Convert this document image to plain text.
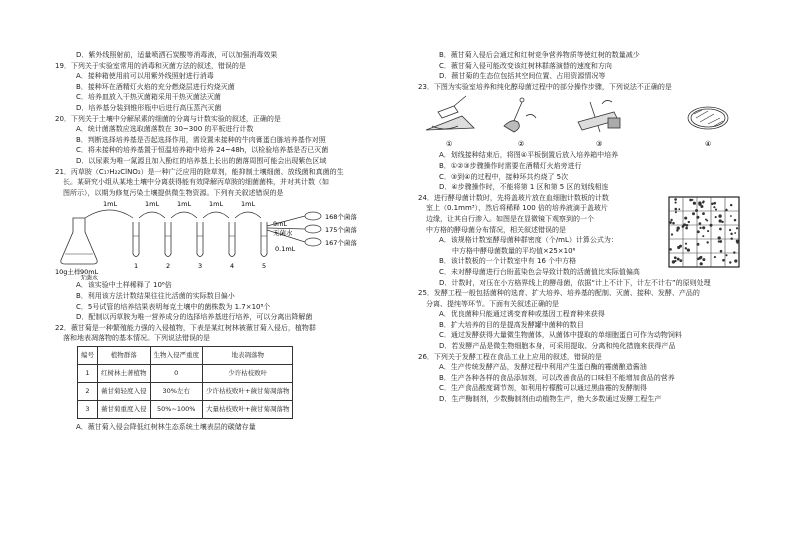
D．紫外线照射前，适量喷洒石炭酸等消毒液，可以加强消毒效果
19．下列关于实验室常用的消毒和灭菌方法的叙述，错误的是
A．接种箱使用前可以用紫外线照射进行消毒
B．接种环在酒精灯火焰的充分燃烧层进行灼烧灭菌
C．培养皿放入干热灭菌箱采用干热灭菌法灭菌
D．培养基分装到锥形瓶中后进行高压蒸汽灭菌
20．下列关于土壤中分解尿素的细菌的分离与计数实验的叙述，正确的是
A．统计菌落数应选取菌落数在 30~300 的平板进行计数
B．判断选择培养基是否起选择作用，需设置未接种的牛肉膏蛋白胨培养基作对照
C．将未接种的培养基置于恒温培养箱中培养 24~48h，以检验培养基是否已灭菌
D．以尿素为唯一氮源且加入酚红的培养基上长出的菌落周围可能会出现紫色区域
21．丙草胺（C₁₇H₂₂ClNO₂）是一种广泛应用的除草剂，能抑制土壤细菌、放线菌和真菌的生
长。某研究小组从某地土壤中分离获得能有效降解丙草胺的细菌菌株，并对其计数（如
图所示），以期为修复污染土壤提供微生物资源。下列有关叙述错误的是
1mL	1mL	1mL	1mL	1mL
1	2	3	4	5
9mL
无菌水
0.1mL
168个菌落
175个菌落
167个菌落
10g土样 90mL
无菌水
A．该实验中土样稀释了 10⁶倍
B．利用该方法计数结果往往比活菌的实际数目偏小
C．5号试管的培养结果表明每克土壤中的菌株数为 1.7×10⁸个
D．配制以丙草胺为唯一营养成分的选择培养基进行培养，可以分离出降解菌
22．薇甘菊是一种繁殖能力强的入侵植物，下表是某红树林被薇甘菊入侵后，植物群
落和地表凋落物的基本情况。下列说法错误的是
编号	植物群落	生物入侵严重度	地表凋落物
1	红树林土著植物	0	少许枯枝败叶
2	薇甘菊轻度入侵	30%左右	少许枯枝败叶+薇甘菊凋落物
3	薇甘菊重度入侵	50%~100%	大量枯枝败叶+薇甘菊凋落物
A．薇甘菊入侵会降低红树林生态系统土壤表层的碳储存量
B．薇甘菊入侵后会通过和红树竞争营养物质等使红树的数量减少
C．薇甘菊入侵可能改变该红树林群落演替的速度和方向
D．薇甘菊的生态位包括其空间位置、占用资源情况等
23．下图为实验室培养和纯化醇母菌过程中的部分操作步骤，下列说法不正确的是
①	②	③	④
A．划线接种结束后，将图④平板倒置后放入培养箱中培养
B．①②③步骤操作时需要在酒精灯火焰旁进行
C．③到④的过程中，接种环共灼烧了 5次
D．④步骤操作时，不能将第 1 区和第 5 区的划线相连
24．进行酵母菌计数时，先将盖玻片放在血细胞计数板的计数
室上（0.1mm³），然后将稀释 100 倍的培养液滴于盖玻片
边缘，让其自行渗入。如图是在显微镜下观察到的一个
中方格的酵母菌分布情况，相关叙述错误的是
A．该规格计数室酵母菌种群密度（个/mL）计算公式为：
中方格中酵母菌数量的平均值×25×10⁶
B．该计数板的一个计数室中有 16 个中方格
C．未对酵母菌进行台盼蓝染色会导致计数的活菌值比实际值偏高
D．计数时，对压在小方格界线上的酵母菌，依据“计上不计下，计左不计右”的原则处理
25．发酵工程一般包括菌种的选育、扩大培养、培养基的配制、灭菌、接种、发酵、产品的
分离、提纯等环节。下面有关叙述正确的是
A．优良菌种只能通过诱变育种或基因工程育种来获得
B．扩大培养的目的是提高发酵罐中菌种的数目
C．通过发酵获得大量微生物菌体，从菌体中提取的单细胞蛋白可作为动物饲料
D．若发酵产品是微生物细胞本身，可采用提取、分离和纯化措施来获得产品
26．下列关于发酵工程在食品工业上应用的叙述，错误的是
A．生产传统发酵产品，发酵过程中利用产生蛋白酶的霉菌酿造酱油
B．生产各种各样的食品添加剂，可以改善食品的口味但不能增加食品的营养
C．生产食品酸度调节剂，如利用柠檬酸可以通过黑曲霉的发酵制得
D．生产酶制剂，少数酶制剂由动植物生产，绝大多数通过发酵工程生产
